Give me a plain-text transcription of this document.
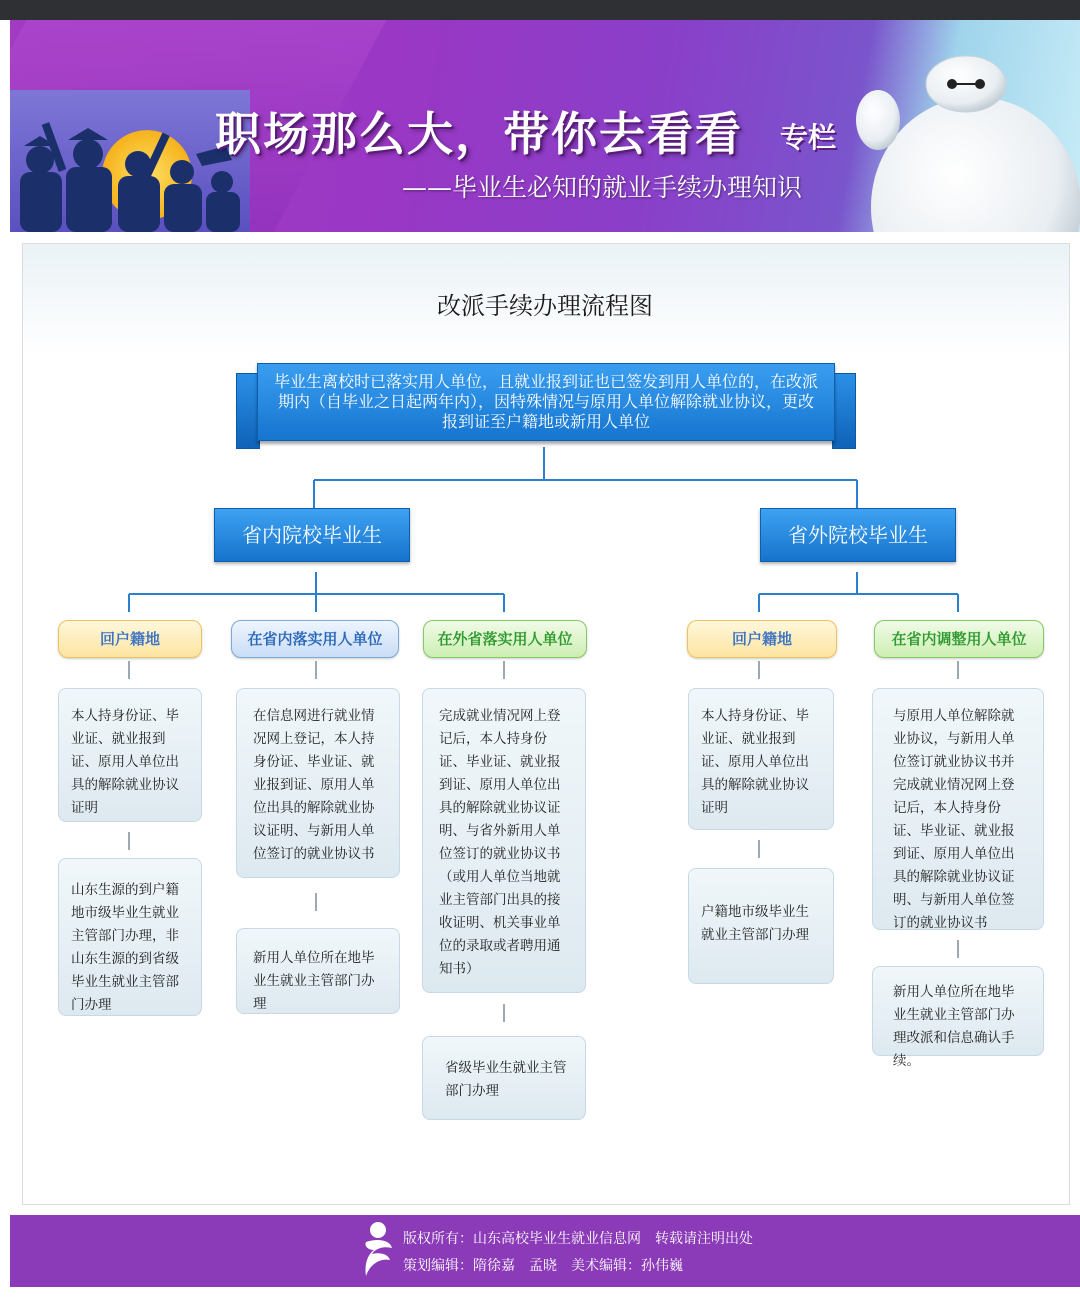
职场那么大，带你去看看 专栏
——毕业生必知的就业手续办理知识
改派手续办理流程图
毕业生离校时已落实用人单位，且就业报到证也已签发到用人单位的，在改派期内（自毕业之日起两年内），因特殊情况与原用人单位解除就业协议，更改报到证至户籍地或新用人单位
省内院校毕业生	省外院校毕业生
回户籍地	在省内落实用人单位	在外省落实用人单位	回户籍地	在省内调整用人单位
本人持身份证、毕业证、就业报到证、原用人单位出具的解除就业协议证明
山东生源的到户籍地市级毕业生就业主管部门办理，非山东生源的到省级毕业生就业主管部门办理
在信息网进行就业情况网上登记，本人持身份证、毕业证、就业报到证、原用人单位出具的解除就业协议证明、与新用人单位签订的就业协议书
新用人单位所在地毕业生就业主管部门办理
完成就业情况网上登记后，本人持身份证、毕业证、就业报到证、原用人单位出具的解除就业协议证明、与省外新用人单位签订的就业协议书（或用人单位当地就业主管部门出具的接收证明、机关事业单位的录取或者聘用通知书）
省级毕业生就业主管部门办理
本人持身份证、毕业证、就业报到证、原用人单位出具的解除就业协议证明
户籍地市级毕业生就业主管部门办理
与原用人单位解除就业协议，与新用人单位签订就业协议书并完成就业情况网上登记后，本人持身份证、毕业证、就业报到证、原用人单位出具的解除就业协议证明、与新用人单位签订的就业协议书
新用人单位所在地毕业生就业主管部门办理改派和信息确认手续。
版权所有：山东高校毕业生就业信息网　转载请注明出处
策划编辑：隋徐嘉　孟晓　美术编辑：孙伟巍
